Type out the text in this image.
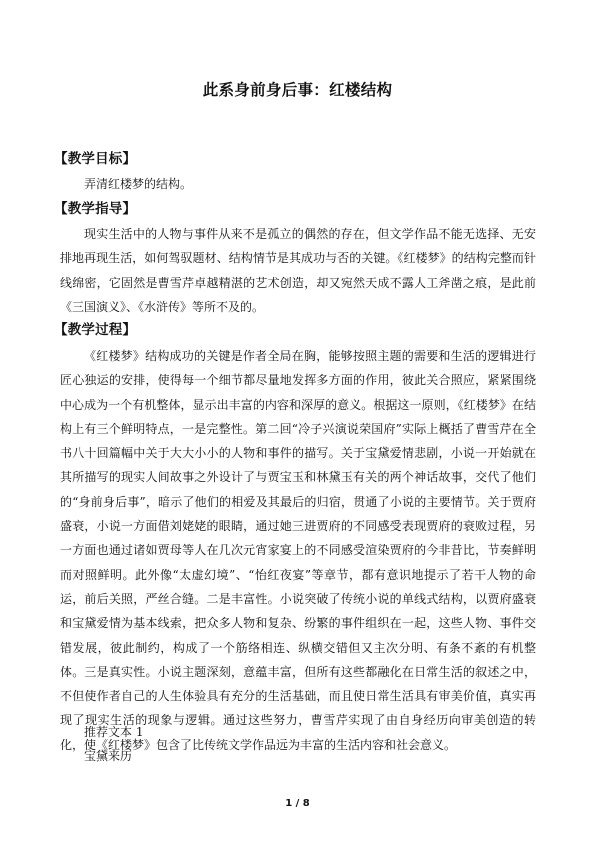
此系身前身后事：红楼结构
【教学目标】

弄清红楼梦的结构。

【教学指导】

现实生活中的人物与事件从来不是孤立的偶然的存在，但文学作品不能无选择、无安排地再现生活，如何驾驭题材、结构情节是其成功与否的关键。《红楼梦》的结构完整而针线绵密，它固然是曹雪芹卓越精湛的艺术创造，却又宛然天成不露人工斧凿之痕，是此前《三国演义》、《水浒传》等所不及的。

【教学过程】

《红楼梦》结构成功的关键是作者全局在胸，能够按照主题的需要和生活的逻辑进行匠心独运的安排，使得每一个细节都尽量地发挥多方面的作用，彼此关合照应，紧紧围绕中心成为一个有机整体，显示出丰富的内容和深厚的意义。根据这一原则，《红楼梦》在结构上有三个鲜明特点，一是完整性。第二回“冷子兴演说荣国府”实际上概括了曹雪芹在全书八十回篇幅中关于大大小小的人物和事件的描写。关于宝黛爱情悲剧，小说一开始就在其所描写的现实人间故事之外设计了与贾宝玉和林黛玉有关的两个神话故事，交代了他们的“身前身后事”，暗示了他们的相爱及其最后的归宿，贯通了小说的主要情节。关于贾府盛衰，小说一方面借刘姥姥的眼睛，通过她三进贾府的不同感受表现贾府的衰败过程，另一方面也通过诸如贾母等人在几次元宵家宴上的不同感受渲染贾府的今非昔比，节奏鲜明而对照鲜明。此外像“太虚幻境”、“怡红夜宴”等章节，都有意识地提示了若干人物的命运，前后关照，严丝合缝。二是丰富性。小说突破了传统小说的单线式结构，以贾府盛衰和宝黛爱情为基本线索，把众多人物和复杂、纷繁的事件组织在一起，这些人物、事件交错发展，彼此制约，构成了一个筋络相连、纵横交错但又主次分明、有条不紊的有机整体。三是真实性。小说主题深刻，意蕴丰富，但所有这些都融化在日常生活的叙述之中，不但使作者自己的人生体验具有充分的生活基础，而且使日常生活具有审美价值，真实再现了现实生活的现象与逻辑。通过这些努力，曹雪芹实现了由自身经历向审美创造的转化，使《红楼梦》包含了比传统文学作品远为丰富的生活内容和社会意义。

推荐文本 1
宝黛来历
1 / 8
